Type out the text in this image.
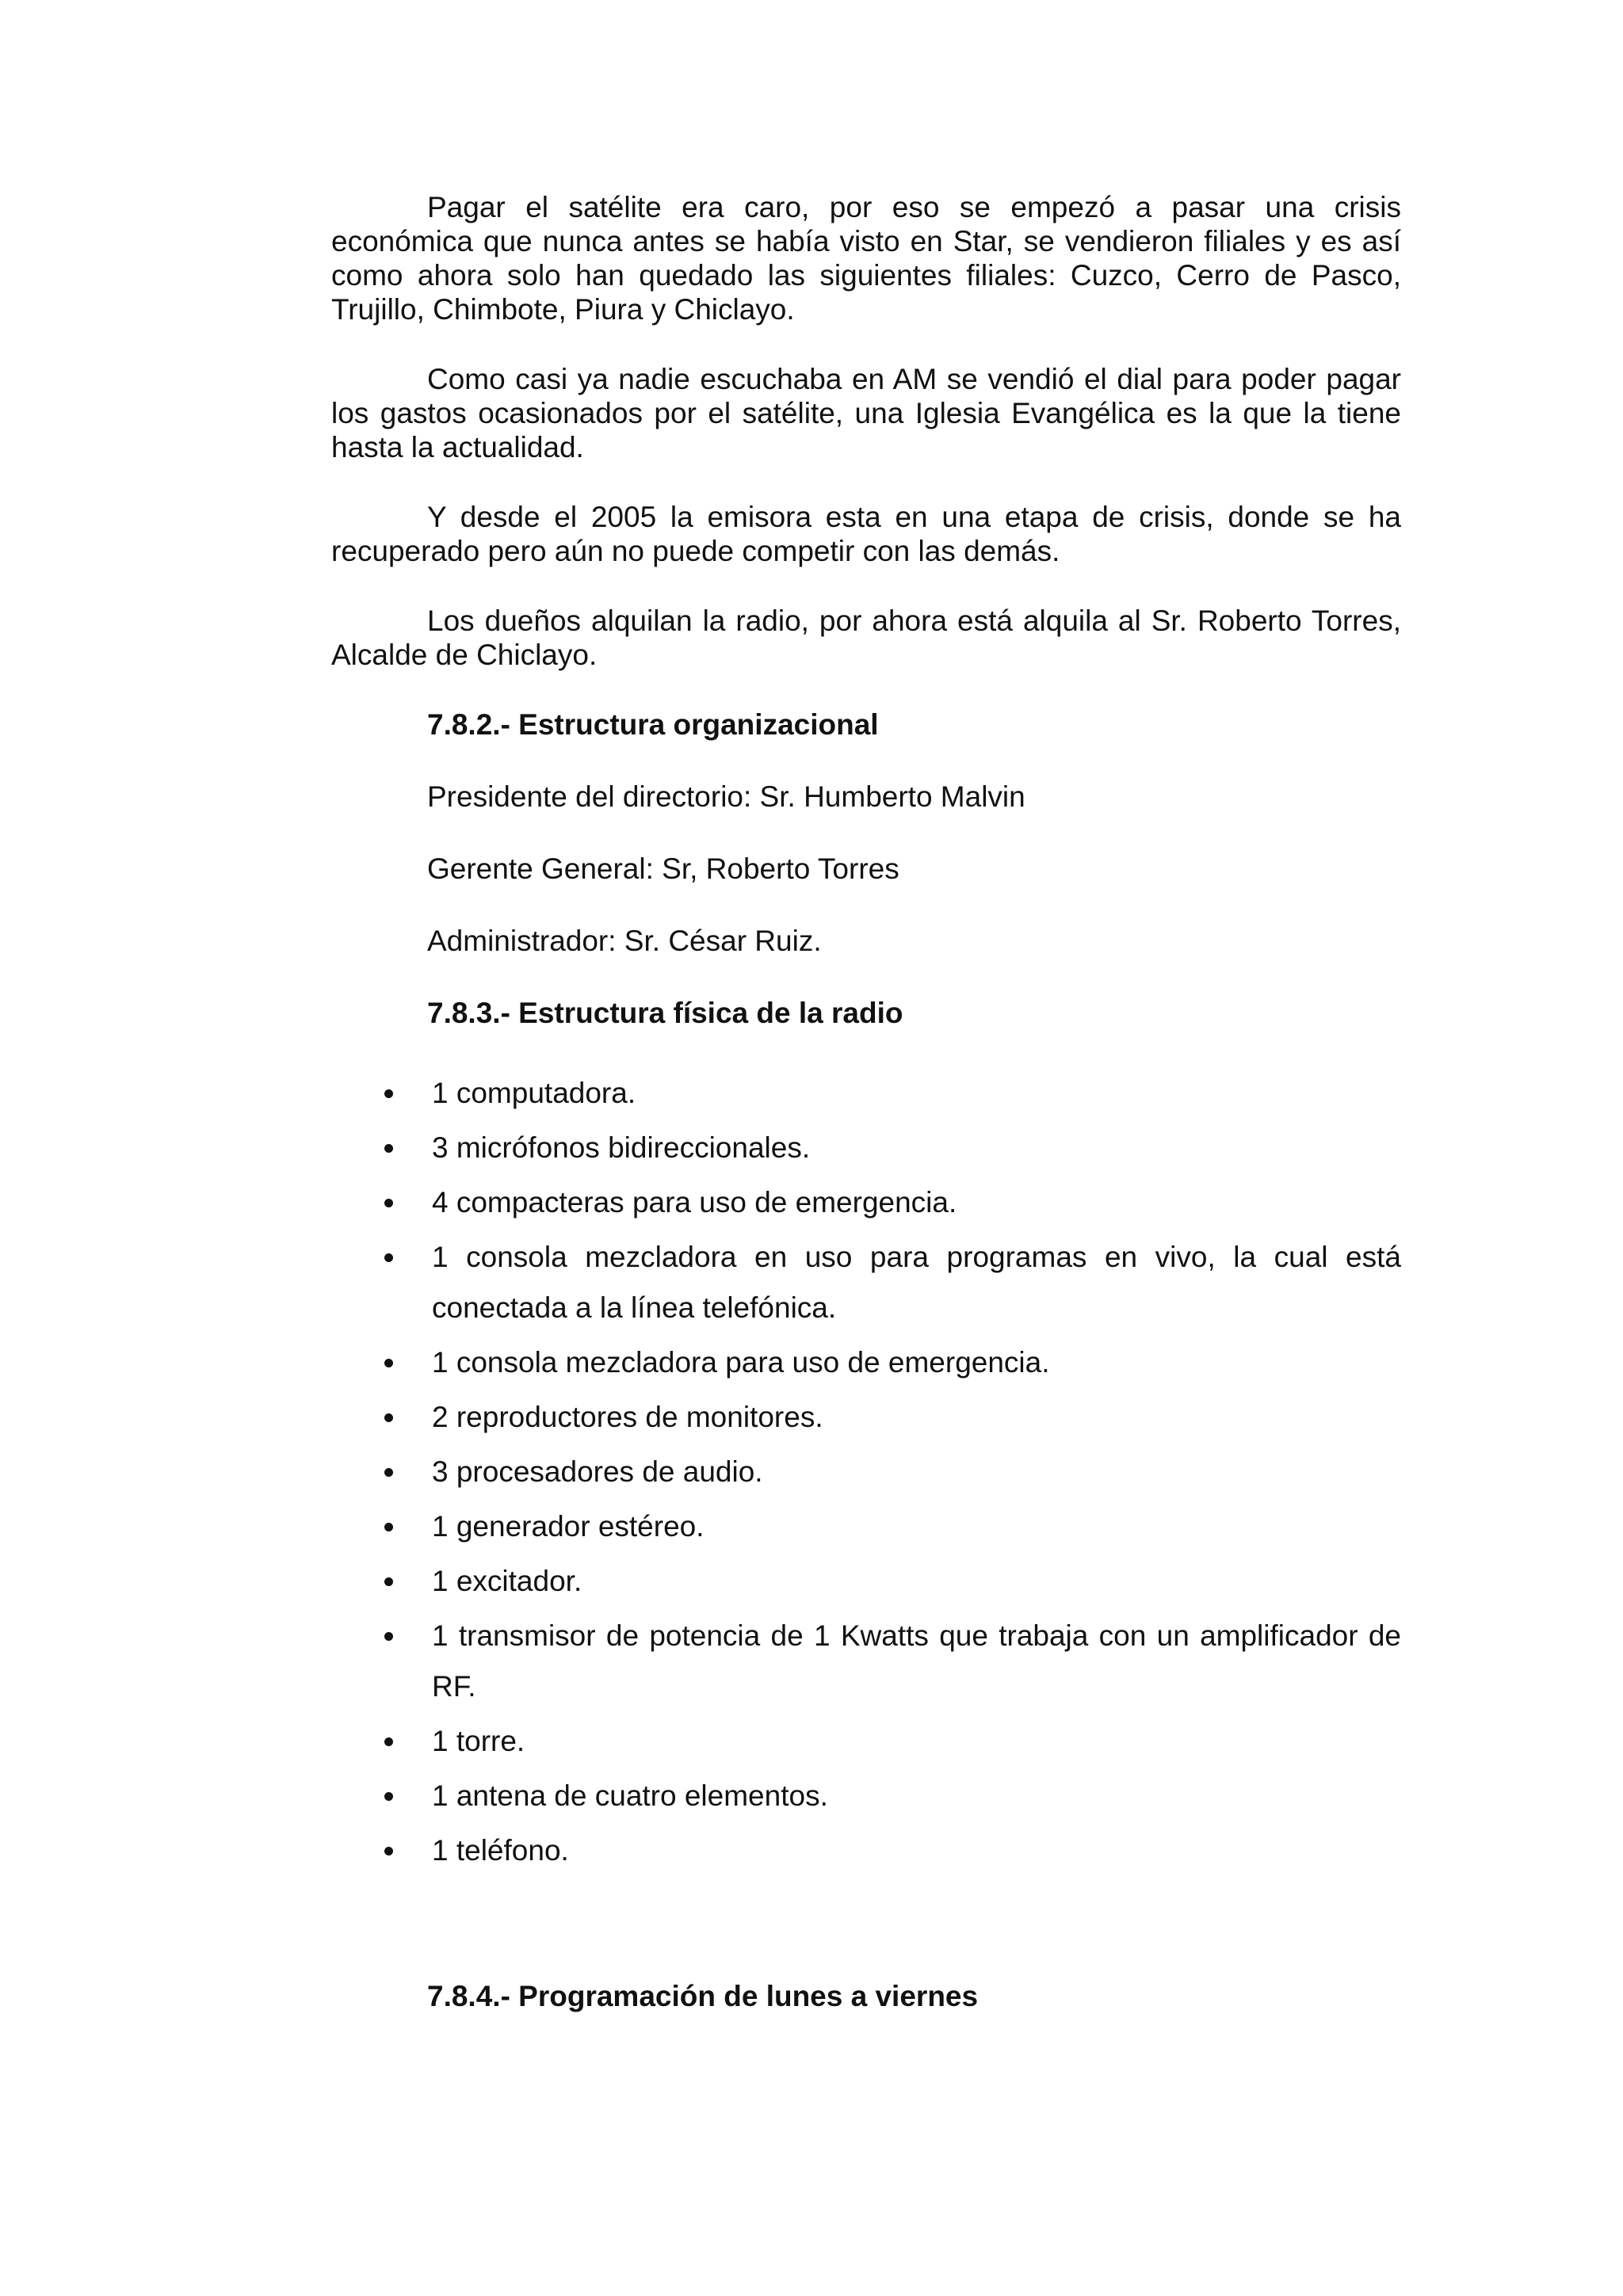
Pagar el satélite era caro, por eso se empezó a pasar una crisis económica que nunca antes se había visto en Star, se vendieron filiales y es así como ahora solo han quedado las siguientes filiales: Cuzco, Cerro de Pasco, Trujillo, Chimbote, Piura y Chiclayo.

Como casi ya nadie escuchaba en AM se vendió el dial para poder pagar los gastos ocasionados por el satélite, una Iglesia Evangélica es la que la tiene hasta la actualidad.

Y desde el 2005 la emisora esta en una etapa de crisis, donde se ha recuperado pero aún no puede competir con las demás.

Los dueños alquilan la radio, por ahora está alquila al Sr. Roberto Torres, Alcalde de Chiclayo.

7.8.2.- Estructura organizacional

Presidente del directorio: Sr. Humberto Malvin

Gerente General: Sr, Roberto Torres

Administrador: Sr. César Ruiz.

7.8.3.- Estructura física de la radio

1 computadora.
3 micrófonos bidireccionales.
4 compacteras para uso de emergencia.
1 consola mezcladora en uso para programas en vivo, la cual está conectada a la línea telefónica.
1 consola mezcladora para uso de emergencia.
2 reproductores de monitores.
3 procesadores de audio.
1 generador estéreo.
1 excitador.
1 transmisor de potencia de 1 Kwatts que trabaja con un amplificador de RF.
1 torre.
1 antena de cuatro elementos.
1 teléfono.

7.8.4.- Programación de lunes a viernes
